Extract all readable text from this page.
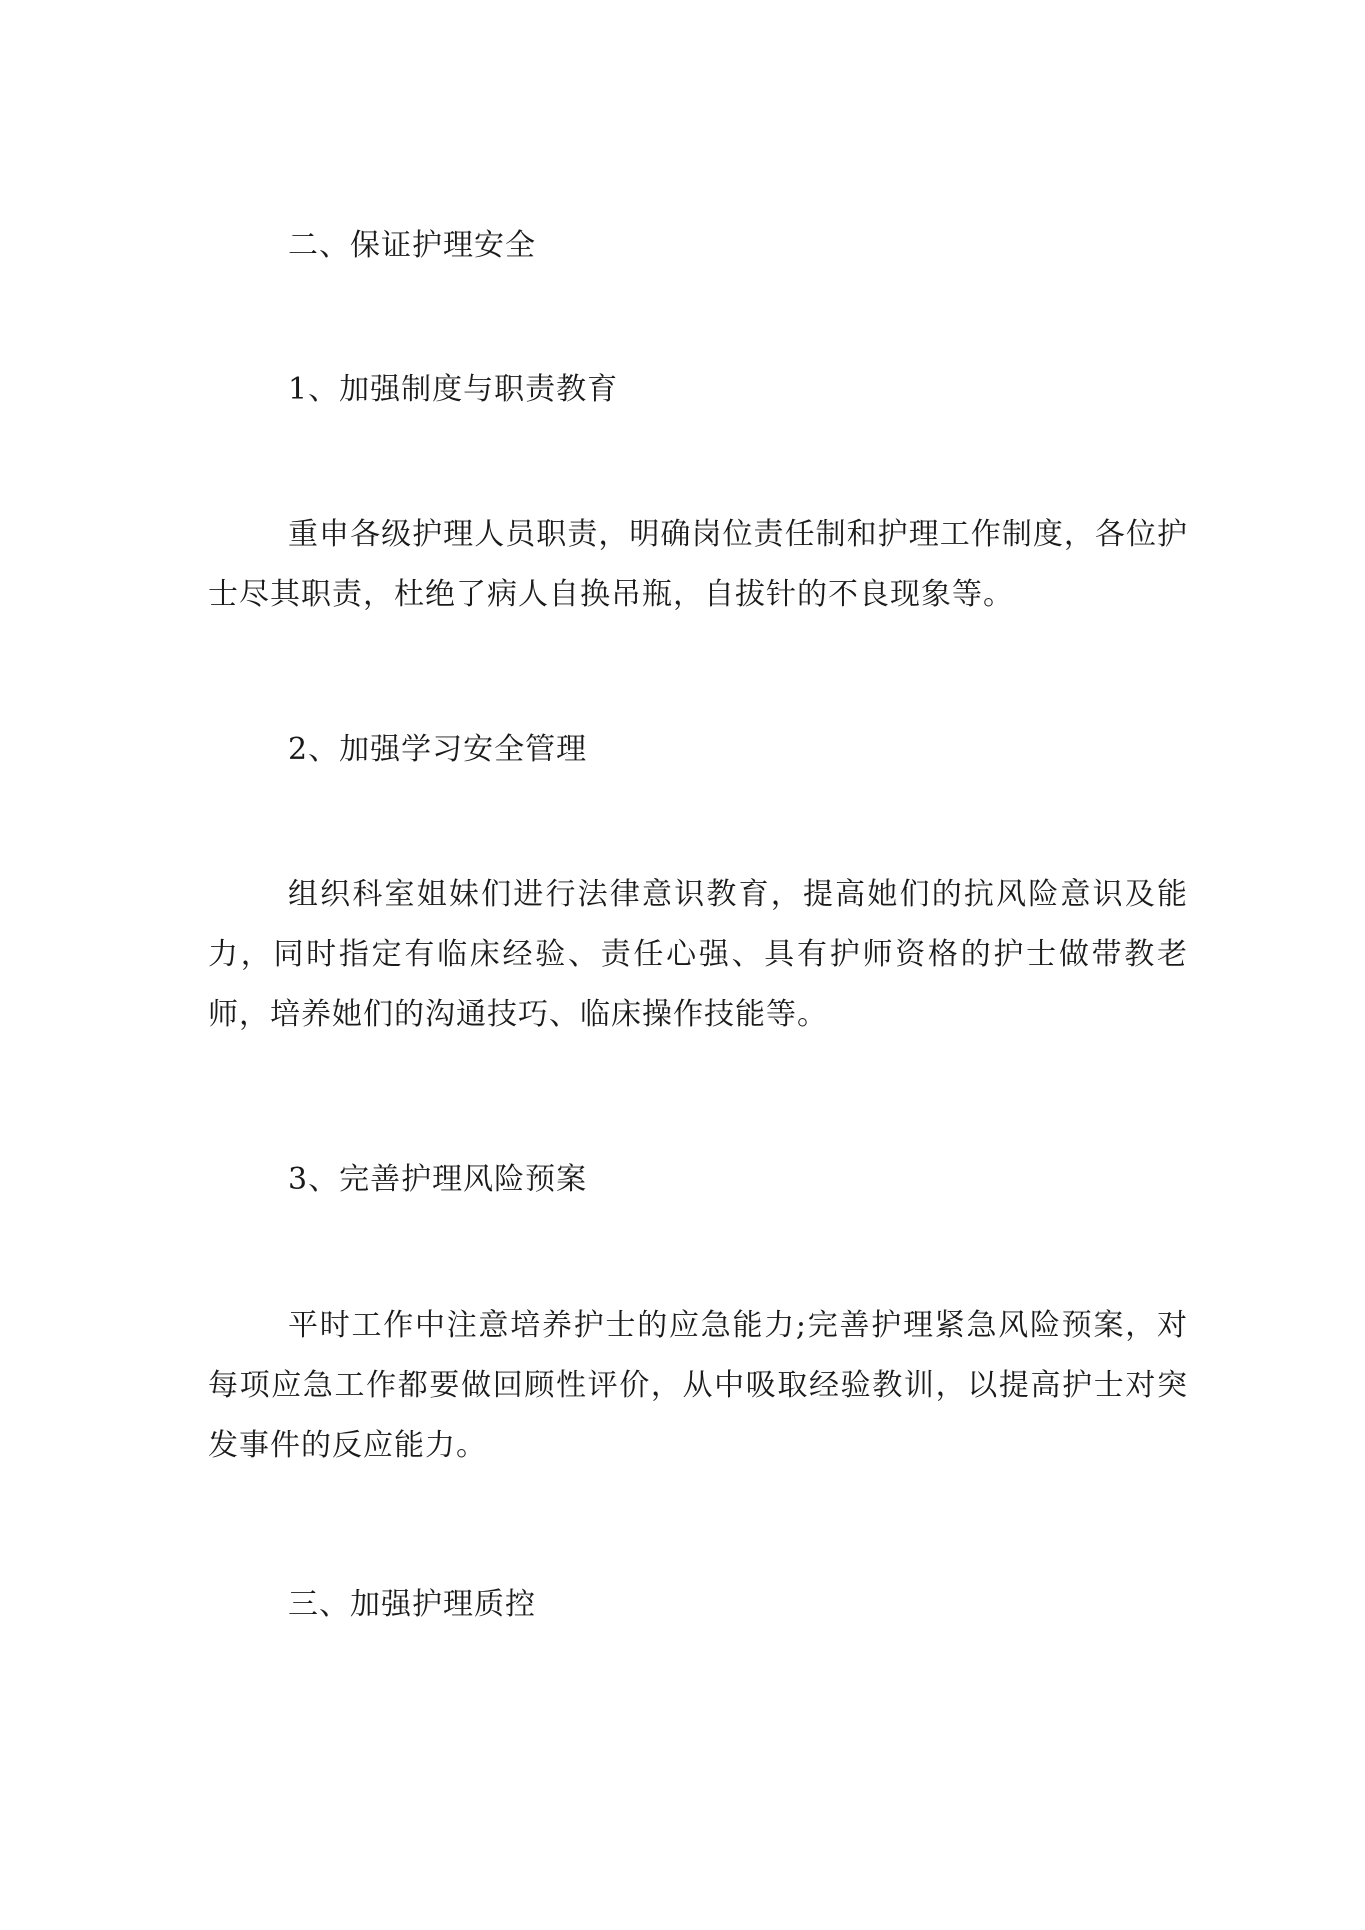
二、保证护理安全

1、加强制度与职责教育

重申各级护理人员职责，明确岗位责任制和护理工作制度，各位护士尽其职责，杜绝了病人自换吊瓶，自拔针的不良现象等。

2、加强学习安全管理

组织科室姐妹们进行法律意识教育，提高她们的抗风险意识及能力，同时指定有临床经验、责任心强、具有护师资格的护士做带教老师，培养她们的沟通技巧、临床操作技能等。

3、完善护理风险预案

平时工作中注意培养护士的应急能力;完善护理紧急风险预案，对每项应急工作都要做回顾性评价，从中吸取经验教训，以提高护士对突发事件的反应能力。

三、加强护理质控
